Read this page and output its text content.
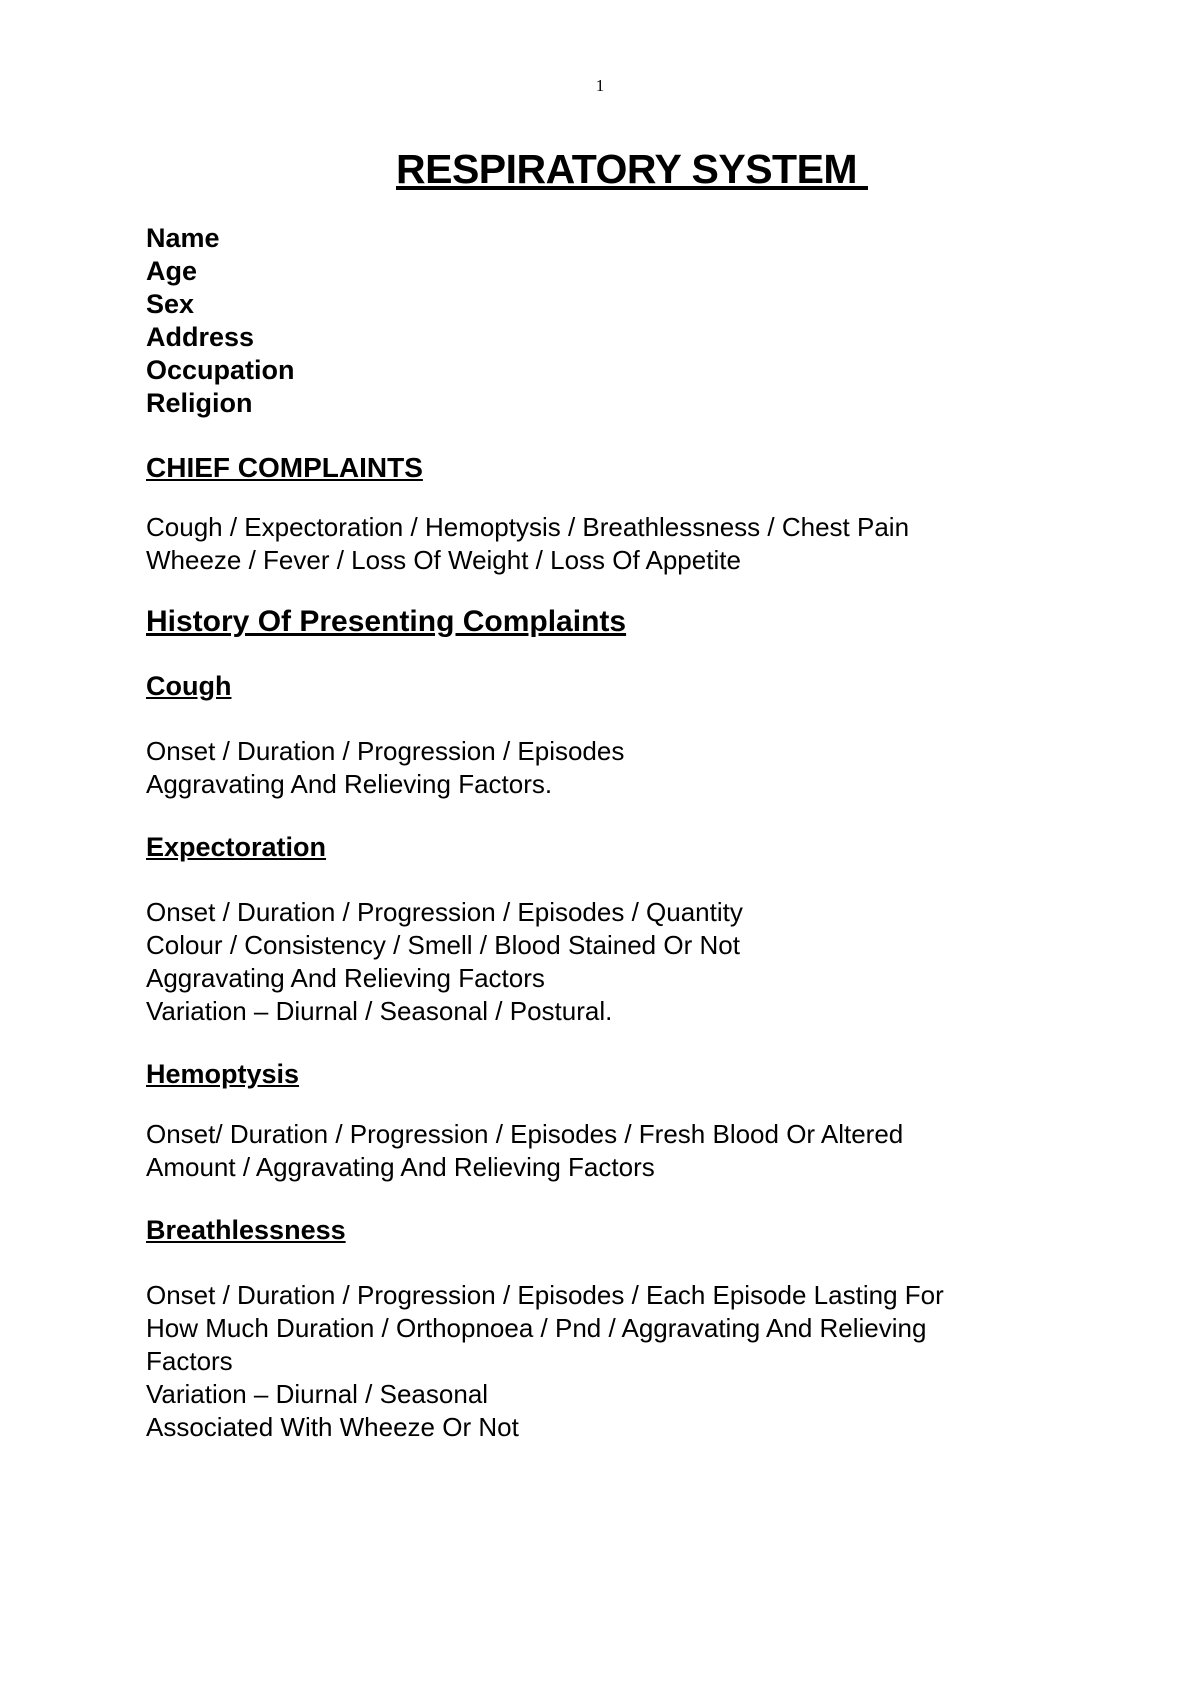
1
RESPIRATORY SYSTEM
Name
Age
Sex
Address
Occupation
Religion
CHIEF COMPLAINTS

Cough / Expectoration / Hemoptysis / Breathlessness / Chest Pain
Wheeze / Fever / Loss Of Weight / Loss Of Appetite

History Of Presenting Complaints
Cough

Onset / Duration / Progression / Episodes
Aggravating And Relieving Factors.

Expectoration

Onset / Duration / Progression / Episodes / Quantity
Colour / Consistency / Smell / Blood Stained Or Not
Aggravating And Relieving Factors
Variation – Diurnal / Seasonal / Postural.

Hemoptysis

Onset/ Duration / Progression / Episodes / Fresh Blood Or Altered
Amount / Aggravating And Relieving Factors

Breathlessness

Onset / Duration / Progression / Episodes / Each Episode Lasting For
How Much Duration / Orthopnoea / Pnd / Aggravating And Relieving
Factors
Variation – Diurnal / Seasonal
Associated With Wheeze Or Not
